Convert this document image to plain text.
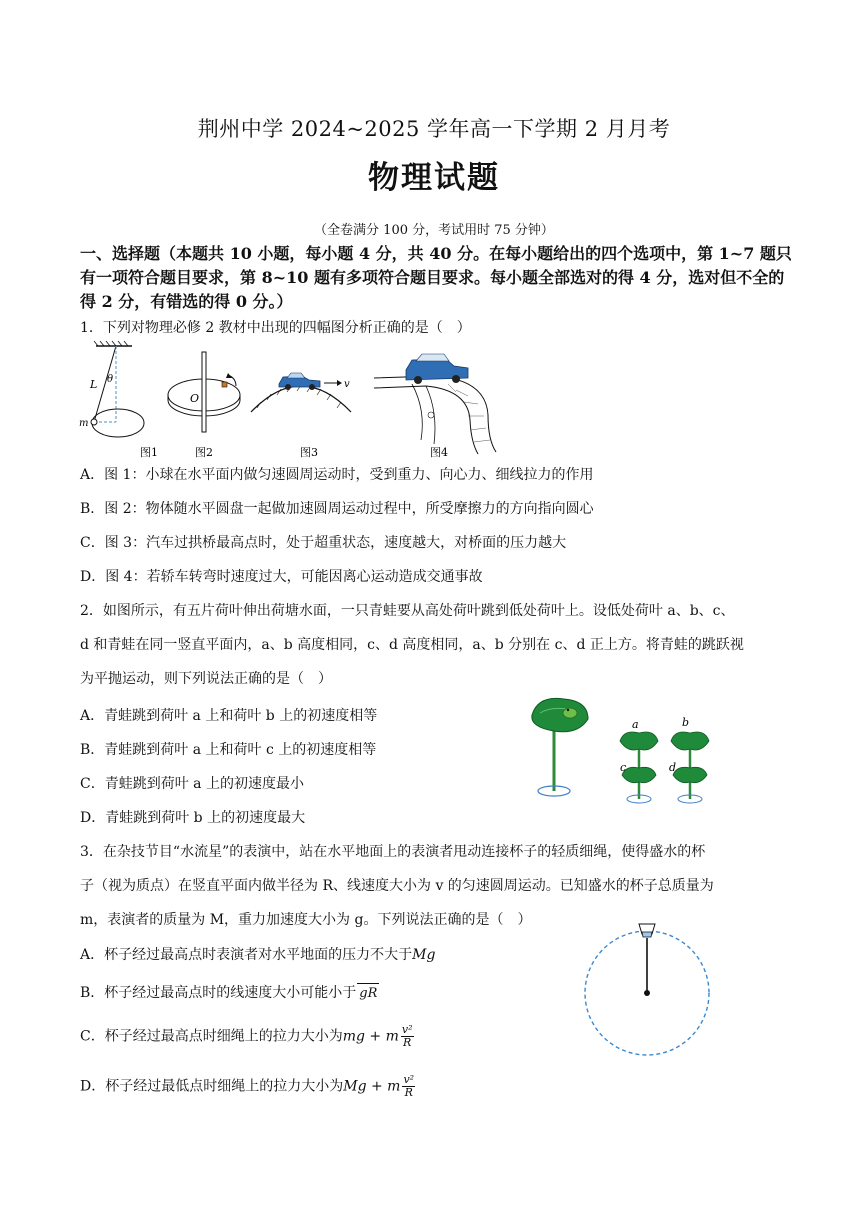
荆州中学 2024~2025 学年高一下学期 2 月月考
物理试题
（全卷满分 100 分，考试用时 75 分钟）
一、选择题（本题共 10 小题，每小题 4 分，共 40 分。在每小题给出的四个选项中，第 1~7 题只有一项符合题目要求，第 8~10 题有多项符合题目要求。每小题全部选对的得 4 分，选对但不全的得 2 分，有错选的得 0 分。）
1．下列对物理必修 2 教材中出现的四幅图分析正确的是（　）
L θ
m
O
v
图1	图2	图3	图4
A．图 1：小球在水平面内做匀速圆周运动时，受到重力、向心力、细线拉力的作用
B．图 2：物体随水平圆盘一起做加速圆周运动过程中，所受摩擦力的方向指向圆心
C．图 3：汽车过拱桥最高点时，处于超重状态，速度越大，对桥面的压力越大
D．图 4：若轿车转弯时速度过大，可能因离心运动造成交通事故
2．如图所示，有五片荷叶伸出荷塘水面，一只青蛙要从高处荷叶跳到低处荷叶上。设低处荷叶 a、b、c、
d 和青蛙在同一竖直平面内，a、b 高度相同，c、d 高度相同，a、b 分别在 c、d 正上方。将青蛙的跳跃视
为平抛运动，则下列说法正确的是（　）
A．青蛙跳到荷叶 a 上和荷叶 b 上的初速度相等
B．青蛙跳到荷叶 a 上和荷叶 c 上的初速度相等
C．青蛙跳到荷叶 a 上的初速度最小
D．青蛙跳到荷叶 b 上的初速度最大
a	b
c	d
3．在杂技节目“水流星”的表演中，站在水平地面上的表演者甩动连接杯子的轻质细绳，使得盛水的杯
子（视为质点）在竖直平面内做半径为 R、线速度大小为 v 的匀速圆周运动。已知盛水的杯子总质量为
m，表演者的质量为 M，重力加速度大小为 g。下列说法正确的是（　）
A．杯子经过最高点时表演者对水平地面的压力不大于Mg
B．杯子经过最高点时的线速度大小可能小于 gR
C．杯子经过最高点时细绳上的拉力大小为mg + m $\frac{\text{v²}}{R}$
D．杯子经过最低点时细绳上的拉力大小为Mg + m $\frac{\text{v²}}{R}$
